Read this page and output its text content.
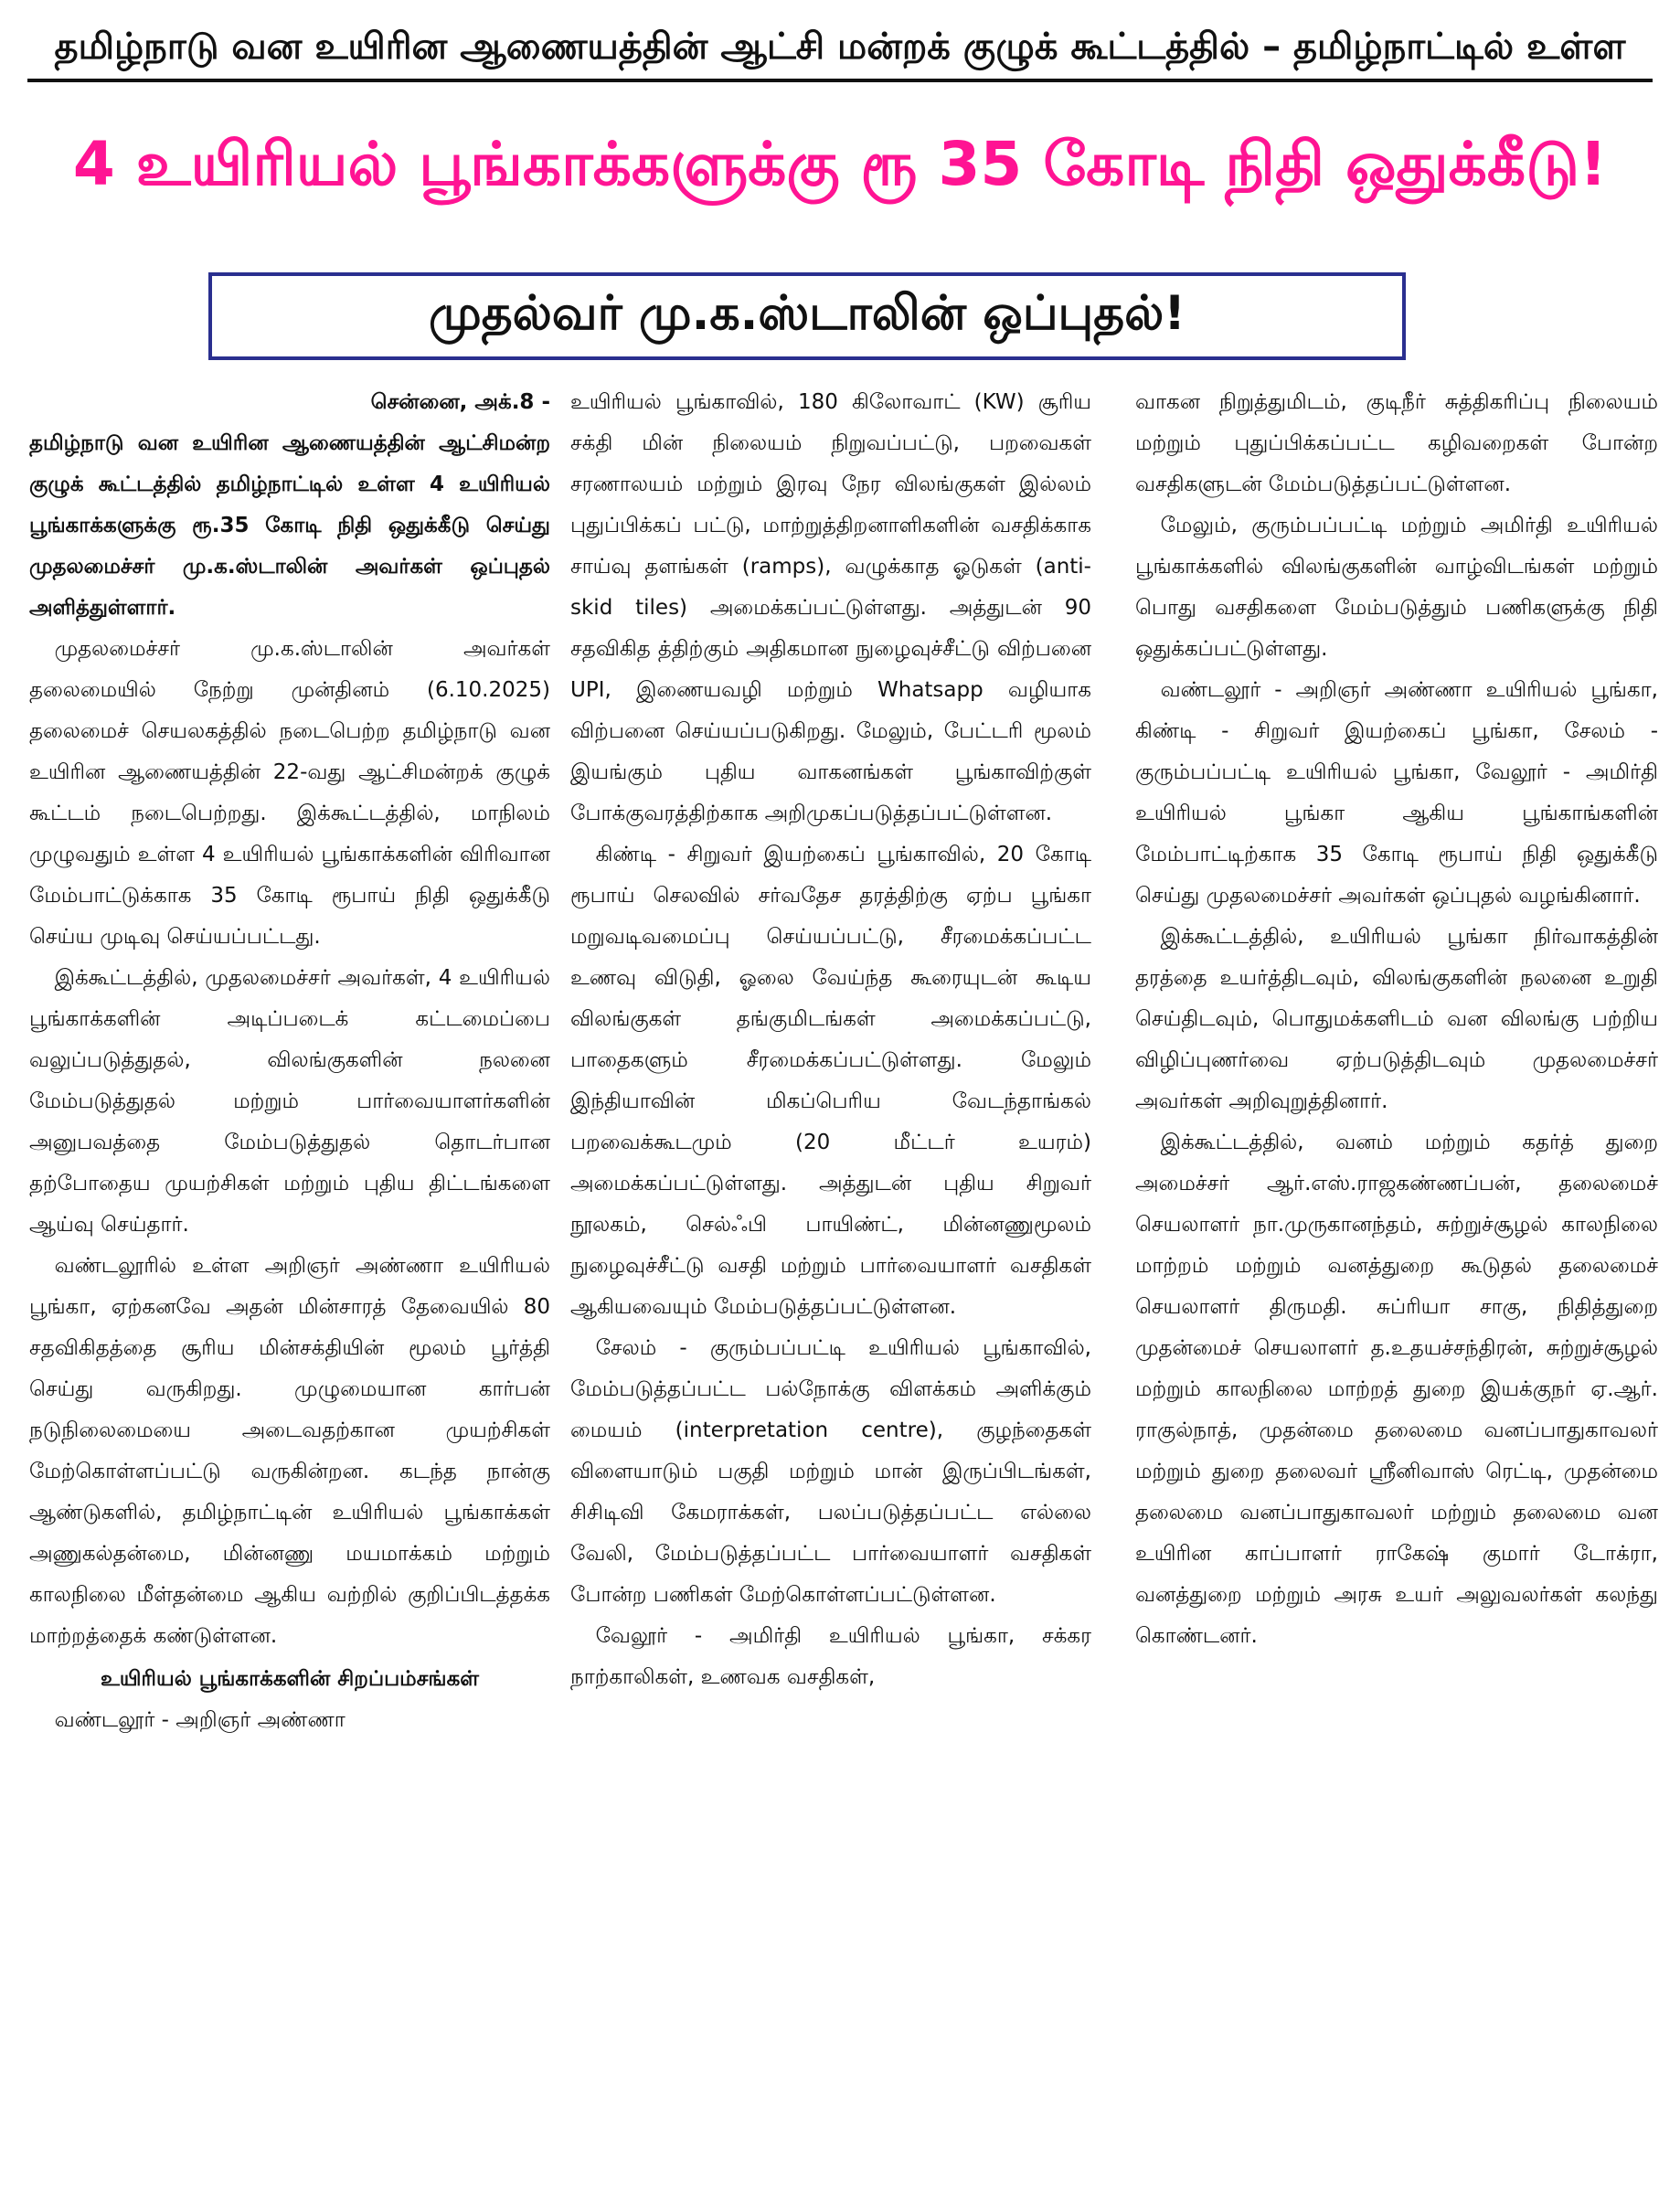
தமிழ்நாடு வன உயிரின ஆணையத்தின் ஆட்சி மன்றக் குழுக் கூட்டத்தில் – தமிழ்நாட்டில் உள்ள
4 உயிரியல் பூங்காக்களுக்கு ரூ 35 கோடி நிதி ஒதுக்கீடு!
முதல்வர் மு.க.ஸ்டாலின் ஒப்புதல்!

சென்னை, அக்.8 -

தமிழ்நாடு வன உயிரின ஆணையத்தின் ஆட்சிமன்ற குழுக் கூட்டத்தில் தமிழ்நாட்டில் உள்ள 4 உயிரியல் பூங்காக்களுக்கு ரூ.35 கோடி நிதி ஒதுக்கீடு செய்து முதலமைச்சர் மு.க.ஸ்டாலின் அவர்கள் ஒப்புதல் அளித்துள்ளார்.

முதலமைச்சர் மு.க.ஸ்டாலின் அவர்கள் தலைமையில் நேற்று முன்தினம் (6.10.2025) தலைமைச் செயலகத்தில் நடைபெற்ற தமிழ்நாடு வன உயிரின ஆணையத்தின் 22-வது ஆட்சிமன்றக் குழுக் கூட்டம் நடைபெற்றது. இக்கூட்டத்தில், மாநிலம் முழுவதும் உள்ள 4 உயிரியல் பூங்காக்களின் விரிவான மேம்பாட்டுக்காக 35 கோடி ரூபாய் நிதி ஒதுக்கீடு செய்ய முடிவு செய்யப்பட்டது.

இக்கூட்டத்தில், முதலமைச்சர் அவர்கள், 4 உயிரியல் பூங்காக்களின் அடிப்படைக் கட்டமைப்பை வலுப்படுத்துதல், விலங்குகளின் நலனை மேம்படுத்துதல் மற்றும் பார்வையாளர்களின் அனுபவத்தை மேம்படுத்துதல் தொடர்பான தற்போதைய முயற்சிகள் மற்றும் புதிய திட்டங்களை ஆய்வு செய்தார்.

வண்டலூரில் உள்ள அறிஞர் அண்ணா உயிரியல் பூங்கா, ஏற்கனவே அதன் மின்சாரத் தேவையில் 80 சதவிகிதத்தை சூரிய மின்சக்தியின் மூலம் பூர்த்தி செய்து வருகிறது. முழுமையான கார்பன் நடுநிலைமையை அடைவதற்கான முயற்சிகள் மேற்கொள்ளப்பட்டு வருகின்றன. கடந்த நான்கு ஆண்டுகளில், தமிழ்நாட்டின் உயிரியல் பூங்காக்கள் அணுகல்தன்மை, மின்னணு மயமாக்கம் மற்றும் காலநிலை மீள்தன்மை ஆகிய வற்றில் குறிப்பிடத்தக்க மாற்றத்தைக் கண்டுள்ளன.

உயிரியல் பூங்காக்களின் சிறப்பம்சங்கள்

வண்டலூர் - அறிஞர் அண்ணா

உயிரியல் பூங்காவில், 180 கிலோவாட் (KW) சூரிய சக்தி மின் நிலையம் நிறுவப்பட்டு, பறவைகள் சரணாலயம் மற்றும் இரவு நேர விலங்குகள் இல்லம் புதுப்பிக்கப் பட்டு, மாற்றுத்திறனாளிகளின் வசதிக்காக சாய்வு தளங்கள் (ramps), வழுக்காத ஓடுகள் (anti-skid tiles) அமைக்கப்பட்டுள்ளது. அத்துடன் 90 சதவிகித த்திற்கும் அதிகமான நுழைவுச்சீட்டு விற்பனை UPI, இணையவழி மற்றும் Whatsapp வழியாக விற்பனை செய்யப்படுகிறது. மேலும், பேட்டரி மூலம் இயங்கும் புதிய வாகனங்கள் பூங்காவிற்குள் போக்குவரத்திற்காக அறிமுகப்படுத்தப்பட்டுள்ளன.

கிண்டி - சிறுவர் இயற்கைப் பூங்காவில், 20 கோடி ரூபாய் செலவில் சர்வதேச தரத்திற்கு ஏற்ப பூங்கா மறுவடிவமைப்பு செய்யப்பட்டு, சீரமைக்கப்பட்ட உணவு விடுதி, ஓலை வேய்ந்த கூரையுடன் கூடிய விலங்குகள் தங்குமிடங்கள் அமைக்கப்பட்டு, பாதைகளும் சீரமைக்கப்பட்டுள்ளது. மேலும் இந்தியாவின் மிகப்பெரிய வேடந்தாங்கல் பறவைக்கூடமும் (20 மீட்டர் உயரம்) அமைக்கப்பட்டுள்ளது. அத்துடன் புதிய சிறுவர் நூலகம், செல்ஃபி பாயிண்ட், மின்னணுமூலம் நுழைவுச்சீட்டு வசதி மற்றும் பார்வையாளர் வசதிகள் ஆகியவையும் மேம்படுத்தப்பட்டுள்ளன.

சேலம் - குரும்பப்பட்டி உயிரியல் பூங்காவில், மேம்படுத்தப்பட்ட பல்நோக்கு விளக்கம் அளிக்கும் மையம் (interpretation centre), குழந்தைகள் விளையாடும் பகுதி மற்றும் மான் இருப்பிடங்கள், சிசிடிவி கேமராக்கள், பலப்படுத்தப்பட்ட எல்லை வேலி, மேம்படுத்தப்பட்ட பார்வையாளர் வசதிகள் போன்ற பணிகள் மேற்கொள்ளப்பட்டுள்ளன.

வேலூர் - அமிர்தி உயிரியல் பூங்கா, சக்கர நாற்காலிகள், உணவக வசதிகள்,

வாகன நிறுத்துமிடம், குடிநீர் சுத்திகரிப்பு நிலையம் மற்றும் புதுப்பிக்கப்பட்ட கழிவறைகள் போன்ற வசதிகளுடன் மேம்படுத்தப்பட்டுள்ளன.

மேலும், குரும்பப்பட்டி மற்றும் அமிர்தி உயிரியல் பூங்காக்களில் விலங்குகளின் வாழ்விடங்கள் மற்றும் பொது வசதிகளை மேம்படுத்தும் பணிகளுக்கு நிதி ஒதுக்கப்பட்டுள்ளது.

வண்டலூர் - அறிஞர் அண்ணா உயிரியல் பூங்கா, கிண்டி - சிறுவர் இயற்கைப் பூங்கா, சேலம் - குரும்பப்பட்டி உயிரியல் பூங்கா, வேலூர் - அமிர்தி உயிரியல் பூங்கா ஆகிய பூங்காங்களின் மேம்பாட்டிற்காக 35 கோடி ரூபாய் நிதி ஒதுக்கீடு செய்து முதலமைச்சர் அவர்கள் ஒப்புதல் வழங்கினார்.

இக்கூட்டத்தில், உயிரியல் பூங்கா நிர்வாகத்தின் தரத்தை உயர்த்திடவும், விலங்குகளின் நலனை உறுதி செய்திடவும், பொதுமக்களிடம் வன விலங்கு பற்றிய விழிப்புணர்வை ஏற்படுத்திடவும் முதலமைச்சர் அவர்கள் அறிவுறுத்தினார்.

இக்கூட்டத்தில், வனம் மற்றும் கதர்த் துறை அமைச்சர் ஆர்.எஸ்.ராஜகண்ணப்பன், தலைமைச் செயலாளர் நா.முருகானந்தம், சுற்றுச்சூழல் காலநிலை மாற்றம் மற்றும் வனத்துறை கூடுதல் தலைமைச் செயலாளர் திருமதி. சுப்ரியா சாகு, நிதித்துறை முதன்மைச் செயலாளர் த.உதயச்சந்திரன், சுற்றுச்சூழல் மற்றும் காலநிலை மாற்றத் துறை இயக்குநர் ஏ.ஆர். ராகுல்நாத், முதன்மை தலைமை வனப்பாதுகாவலர் மற்றும் துறை தலைவர் ஸ்ரீனிவாஸ் ரெட்டி, முதன்மை தலைமை வனப்பாதுகாவலர் மற்றும் தலைமை வன உயிரின காப்பாளர் ராகேஷ் குமார் டோக்ரா, வனத்துறை மற்றும் அரசு உயர் அலுவலர்கள் கலந்து கொண்டனர்.
